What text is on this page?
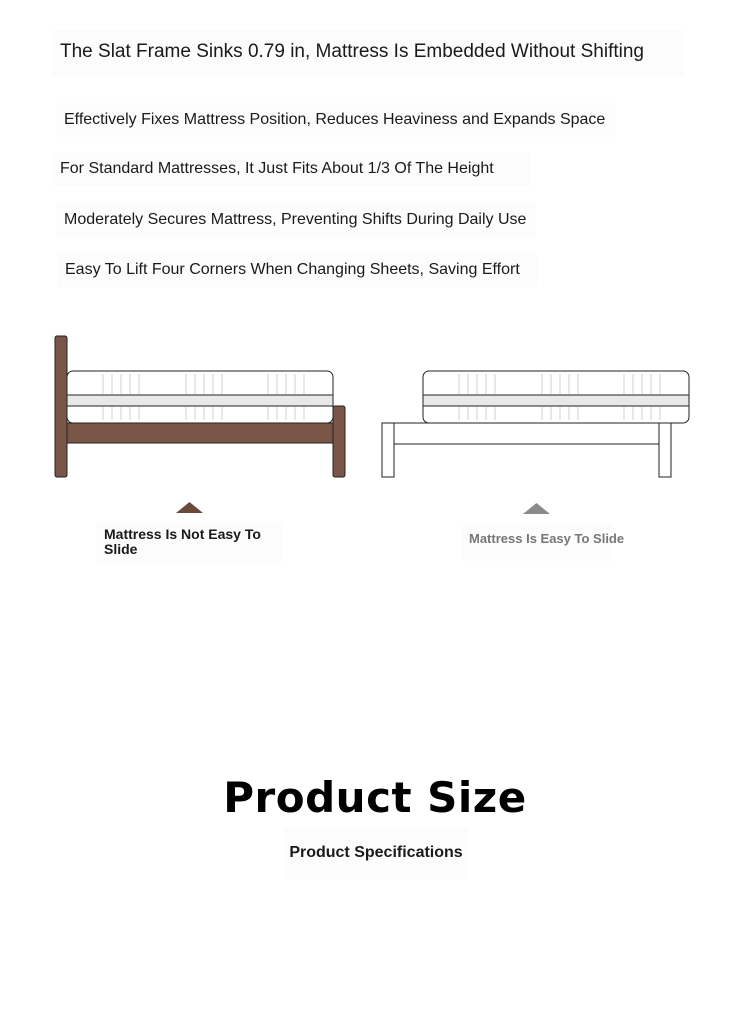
The Slat Frame Sinks 0.79 in, Mattress Is Embedded Without Shifting
Effectively Fixes Mattress Position, Reduces Heaviness and Expands Space
For Standard Mattresses, It Just Fits About 1/3 Of The Height
Moderately Secures Mattress, Preventing Shifts During Daily Use
Easy To Lift Four Corners When Changing Sheets, Saving Effort
Mattress Is Not Easy To Slide
Mattress Is Easy To Slide
Product Size
Product Specifications
